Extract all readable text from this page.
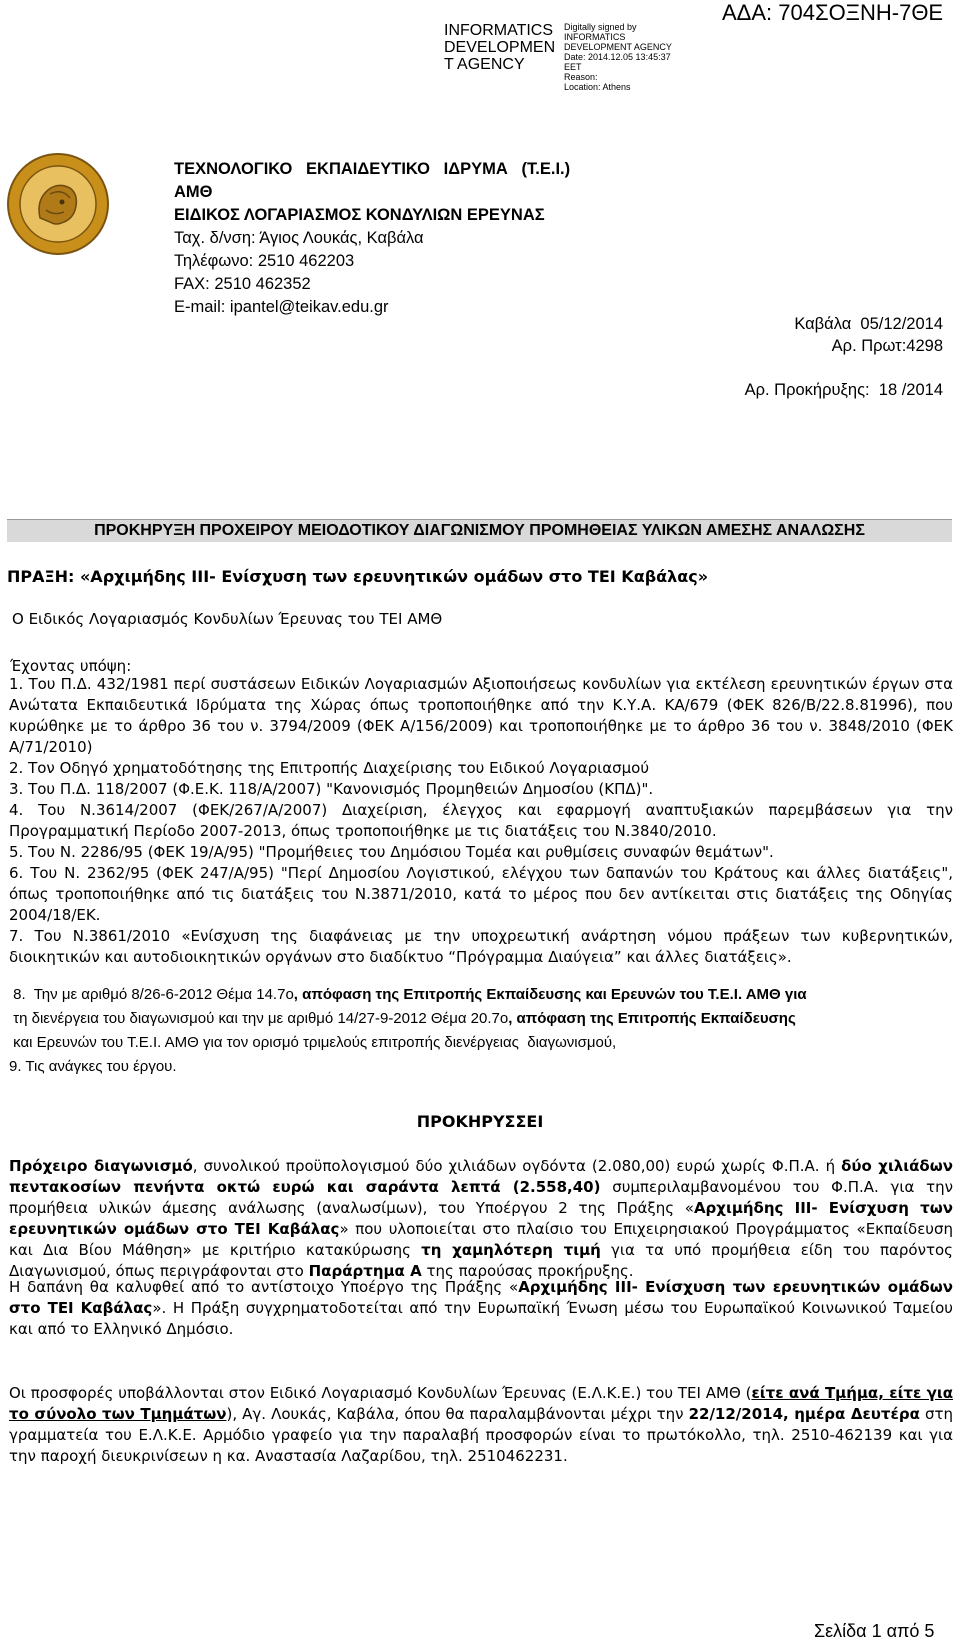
ΑΔΑ: 704ΣΟΞΝΗ-7ΘΕ
INFORMATICS
DEVELOPMEN
T AGENCY
Digitally signed by
INFORMATICS
DEVELOPMENT AGENCY
Date: 2014.12.05 13:45:37
EET
Reason:
Location: Athens
ΤΕΧΝΟΛΟΓΙΚΟ   ΕΚΠΑΙΔΕΥΤΙΚΟ   ΙΔΡΥΜΑ   (Τ.Ε.Ι.)
ΑΜΘ
ΕΙΔΙΚΟΣ ΛΟΓΑΡΙΑΣΜΟΣ ΚΟΝΔΥΛΙΩΝ ΕΡΕΥΝΑΣ
Ταχ. δ/νση: Άγιος Λουκάς, Καβάλα
Τηλέφωνο: 2510 462203
FAX: 2510 462352
E-mail: ipantel@teikav.edu.gr
Καβάλα  05/12/2014
Αρ. Πρωτ:4298
Αρ. Προκήρυξης:  18 /2014
ΠΡΟΚΗΡΥΞΗ ΠΡΟΧΕΙΡΟΥ ΜΕΙΟΔΟΤΙΚΟΥ ΔΙΑΓΩΝΙΣΜΟΥ ΠΡΟΜΗΘΕΙΑΣ ΥΛΙΚΩΝ ΑΜΕΣΗΣ ΑΝΑΛΩΣΗΣ
ΠΡΑΞΗ: «Αρχιμήδης ΙΙΙ- Ενίσχυση των ερευνητικών ομάδων στο ΤΕΙ Καβάλας»
Ο Ειδικός Λογαριασμός Κονδυλίων Έρευνας του ΤΕΙ ΑΜΘ
Έχοντας υπόψη:

1. Του Π.Δ. 432/1981 περί συστάσεων Ειδικών Λογαριασμών Αξιοποιήσεως κονδυλίων για εκτέλεση ερευνητικών έργων στα Ανώτατα Εκπαιδευτικά Ιδρύματα της Χώρας όπως τροποποιήθηκε από την Κ.Υ.Α. ΚΑ/679 (ΦΕΚ 826/Β/22.8.81996), που κυρώθηκε με το άρθρο 36 του ν. 3794/2009 (ΦΕΚ Α/156/2009) και τροποποιήθηκε με το άρθρο 36 του ν. 3848/2010 (ΦΕΚ Α/71/2010)

2. Τον Οδηγό χρηματοδότησης της Επιτροπής Διαχείρισης του Ειδικού Λογαριασμού

3. Του Π.Δ. 118/2007 (Φ.Ε.Κ. 118/Α/2007) "Κανονισμός Προμηθειών Δημοσίου (ΚΠΔ)".

4. Του Ν.3614/2007 (ΦΕΚ/267/Α/2007) Διαχείριση, έλεγχος και εφαρμογή αναπτυξιακών παρεμβάσεων για την Προγραμματική Περίοδο 2007-2013, όπως τροποποιήθηκε με τις διατάξεις του Ν.3840/2010.

5. Του Ν. 2286/95 (ΦΕΚ 19/Α/95) "Προμήθειες του Δημόσιου Τομέα και ρυθμίσεις συναφών θεμάτων".

6. Του Ν. 2362/95 (ΦΕΚ 247/Α/95) "Περί Δημοσίου Λογιστικού, ελέγχου των δαπανών του Κράτους και άλλες διατάξεις", όπως τροποποιήθηκε από τις διατάξεις του Ν.3871/2010, κατά το μέρος που δεν αντίκειται στις διατάξεις της Οδηγίας 2004/18/ΕΚ.

7. Του Ν.3861/2010 «Ενίσχυση της διαφάνειας με την υποχρεωτική ανάρτηση νόμου πράξεων των κυβερνητικών, διοικητικών και αυτοδιοικητικών οργάνων στο διαδίκτυο “Πρόγραμμα Διαύγεια” και άλλες διατάξεις».

8.  Την με αριθμό 8/26-6-2012 Θέμα 14.7ο, απόφαση της Επιτροπής Εκπαίδευσης και Ερευνών του Τ.Ε.Ι. ΑΜΘ για

τη διενέργεια του διαγωνισμού και την με αριθμό 14/27-9-2012 Θέμα 20.7ο, απόφαση της Επιτροπής Εκπαίδευσης

και Ερευνών του Τ.Ε.Ι. ΑΜΘ για τον ορισμό τριμελούς επιτροπής διενέργειας  διαγωνισμού,

9. Τις ανάγκες του έργου.

ΠΡΟΚΗΡΥΣΣΕΙ

Πρόχειρο διαγωνισμό, συνολικού προϋπολογισμού δύο χιλιάδων ογδόντα (2.080,00) ευρώ χωρίς Φ.Π.Α. ή δύο χιλιάδων πεντακοσίων πενήντα οκτώ ευρώ και σαράντα λεπτά (2.558,40) συμπεριλαμβανομένου του Φ.Π.Α. για την προμήθεια υλικών άμεσης ανάλωσης (αναλωσίμων), του Υποέργου 2 της Πράξης «Αρχιμήδης ΙΙΙ- Ενίσχυση των ερευνητικών ομάδων στο ΤΕΙ Καβάλας» που υλοποιείται στο πλαίσιο του Επιχειρησιακού Προγράμματος «Εκπαίδευση και Δια Βίου Μάθηση» με κριτήριο κατακύρωσης τη χαμηλότερη τιμή για τα υπό προμήθεια είδη του παρόντος Διαγωνισμού, όπως περιγράφονται στο Παράρτημα Α της παρούσας προκήρυξης.

Η δαπάνη θα καλυφθεί από το αντίστοιχο Υποέργο της Πράξης «Αρχιμήδης ΙΙΙ- Ενίσχυση των ερευνητικών ομάδων στο ΤΕΙ Καβάλας». Η Πράξη συγχρηματοδοτείται από την Ευρωπαϊκή Ένωση μέσω του Ευρωπαϊκού Κοινωνικού Ταμείου και από το Ελληνικό Δημόσιο.

Οι προσφορές υποβάλλονται στον Ειδικό Λογαριασμό Κονδυλίων Έρευνας (Ε.Λ.Κ.Ε.) του ΤΕΙ ΑΜΘ (είτε ανά Τμήμα, είτε για το σύνολο των Τμημάτων), Αγ. Λουκάς, Καβάλα, όπου θα παραλαμβάνονται μέχρι την 22/12/2014, ημέρα Δευτέρα στη γραμματεία του Ε.Λ.Κ.Ε. Αρμόδιο γραφείο για την παραλαβή προσφορών είναι το πρωτόκολλο, τηλ. 2510-462139 και για την παροχή διευκρινίσεων η κα. Αναστασία Λαζαρίδου, τηλ. 2510462231.

Σελίδα 1 από 5
